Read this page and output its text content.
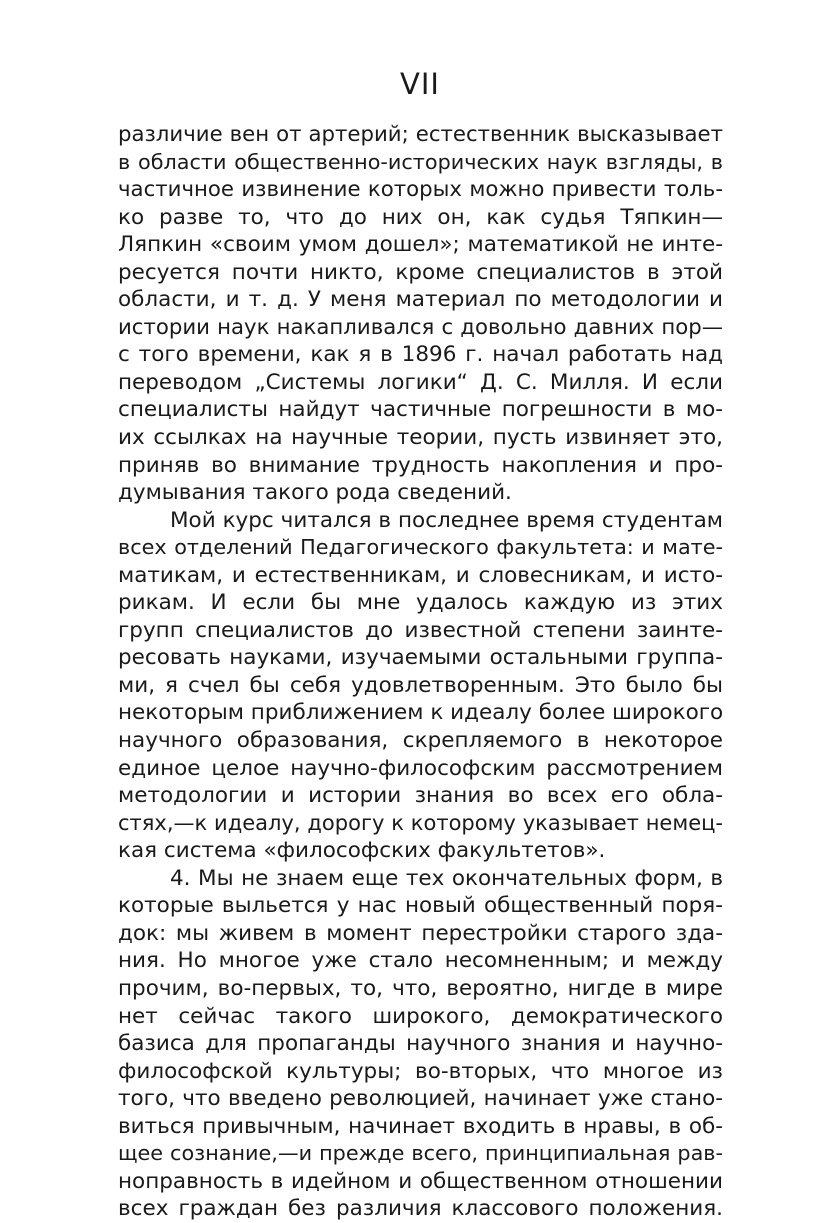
VII
различие вен от артерий; естественник высказывает
в области общественно-исторических наук взгляды, в
частичное извинение которых можно привести толь-
ко разве то, что до них он, как судья Тяпкин—
Ляпкин «своим умом дошел»; математикой не инте-
ресуется почти никто, кроме специалистов в этой
области, и т. д. У меня материал по методологии и
истории наук накапливался с довольно давних пор—
с того времени, как я в 1896 г. начал работать над
переводом „Системы логики“ Д. С. Милля. И если
специалисты найдут частичные погрешности в мо-
их ссылках на научные теории, пусть извиняет это,
приняв во внимание трудность накопления и про-
думывания такого рода сведений.
Мой курс читался в последнее время студентам
всех отделений Педагогического факультета: и мате-
матикам, и естественникам, и словесникам, и исто-
рикам. И если бы мне удалось каждую из этих
групп специалистов до известной степени заинте-
ресовать науками, изучаемыми остальными группа-
ми, я счел бы себя удовлетворенным. Это было бы
некоторым приближением к идеалу более широкого
научного образования, скрепляемого в некоторое
единое целое научно-философским рассмотрением
методологии и истории знания во всех его обла-
стях,—к идеалу, дорогу к которому указывает немец-
кая система «философских факультетов».
4. Мы не знаем еще тех окончательных форм, в
которые выльется у нас новый общественный поря-
док: мы живем в момент перестройки старого зда-
ния. Но многое уже стало несомненным; и между
прочим, во-первых, то, что, вероятно, нигде в мире
нет сейчас такого широкого, демократического
базиса для пропаганды научного знания и научно-
философской культуры; во-вторых, что многое из
того, что введено революцией, начинает уже стано-
виться привычным, начинает входить в нравы, в об-
щее сознание,—и прежде всего, принципиальная рав-
ноправность в идейном и общественном отношении
всех граждан без различия классового положения.
